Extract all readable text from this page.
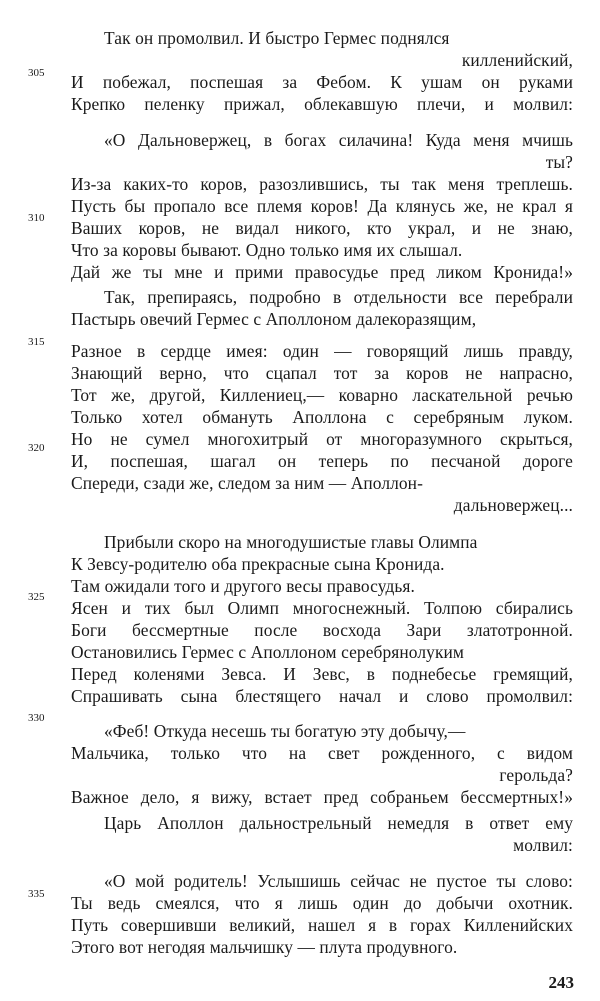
Так он промолвил. И быстро Гермес поднялся
килленийский,
305	И побежал, поспешая за Фебом. К ушам он руками
Крепко пеленку прижал, облекавшую плечи, и молвил:
«О Дальновержец, в богах силачина! Куда меня мчишь
ты?
Из-за каких-то коров, разозлившись, ты так меня треплешь.
Пусть бы пропало все племя коров! Да клянусь же, не крал я
310	Ваших коров, не видал никого, кто украл, и не знаю,
Что за коровы бывают. Одно только имя их слышал.
Дай же ты мне и прими правосудье пред ликом Кронида!»
Так, препираясь, подробно в отдельности все перебрали
Пастырь овечий Гермес с Аполлоном далекоразящим,
315	Разное в сердце имея: один — говорящий лишь правду,
Знающий верно, что сцапал тот за коров не напрасно,
Тот же, другой, Киллениец,— коварно ласкательной речью
Только хотел обмануть Аполлона с серебряным луком.
Но не сумел многохитрый от многоразумного скрыться,
320
И, поспешая, шагал он теперь по песчаной дороге
Спереди, сзади же, следом за ним — Аполлон-
дальновержец...
Прибыли скоро на многодушистые главы Олимпа
К Зевсу-родителю оба прекрасные сына Кронида.
Там ожидали того и другого весы правосудья.
325
Ясен и тих был Олимп многоснежный. Толпою сбирались
Боги бессмертные после восхода Зари златотронной.
Остановились Гермес с Аполлоном серебрянолуким
Перед коленями Зевса. И Зевс, в поднебесье гремящий,
Спрашивать сына блестящего начал и слово промолвил:
330
«Феб! Откуда несешь ты богатую эту добычу,—
Мальчика, только что на свет рожденного, с видом
герольда?
Важное дело, я вижу, встает пред собраньем бессмертных!»
Царь Аполлон дальнострельный немедля в ответ ему
молвил:
«О мой родитель! Услышишь сейчас не пустое ты слово:
335	Ты ведь смеялся, что я лишь один до добычи охотник.
Путь совершивши великий, нашел я в горах Килленийских
Этого вот негодяя мальчишку — плута продувного.
243
